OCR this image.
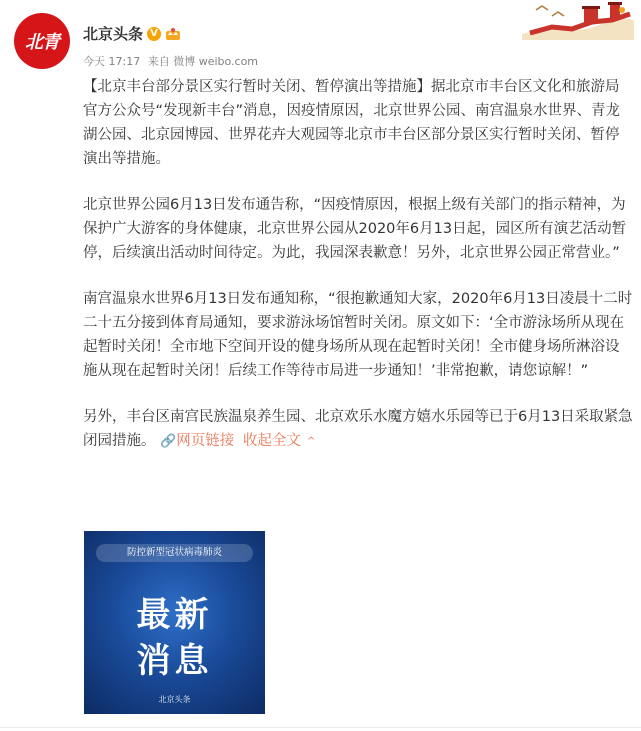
北青	北京头条 V
今天 17:17 来自 微博 weibo.com

【北京丰台部分景区实行暂时关闭、暂停演出等措施】据北京市丰台区文化和旅游局官方公众号“发现新丰台”消息，因疫情原因，北京世界公园、南宫温泉水世界、青龙湖公园、北京园博园、世界花卉大观园等北京市丰台区部分景区实行暂时关闭、暂停演出等措施。

北京世界公园6月13日发布通告称，“因疫情原因，根据上级有关部门的指示精神，为保护广大游客的身体健康，北京世界公园从2020年6月13日起，园区所有演艺活动暂停，后续演出活动时间待定。为此，我园深表歉意！另外，北京世界公园正常营业。”

南宫温泉水世界6月13日发布通知称，“很抱歉通知大家，2020年6月13日凌晨十二时二十五分接到体育局通知，要求游泳场馆暂时关闭。原文如下：‘全市游泳场所从现在起暂时关闭！全市地下空间开设的健身场所从现在起暂时关闭！全市健身场所淋浴设施从现在起暂时关闭！后续工作等待市局进一步通知！’非常抱歉，请您谅解！”

另外，丰台区南宫民族温泉养生园、北京欢乐水魔方嬉水乐园等已于6月13日采取紧急闭园措施。 🔗网页链接 收起全文 ^

防控新型冠状病毒肺炎
最新
消息
北京头条
